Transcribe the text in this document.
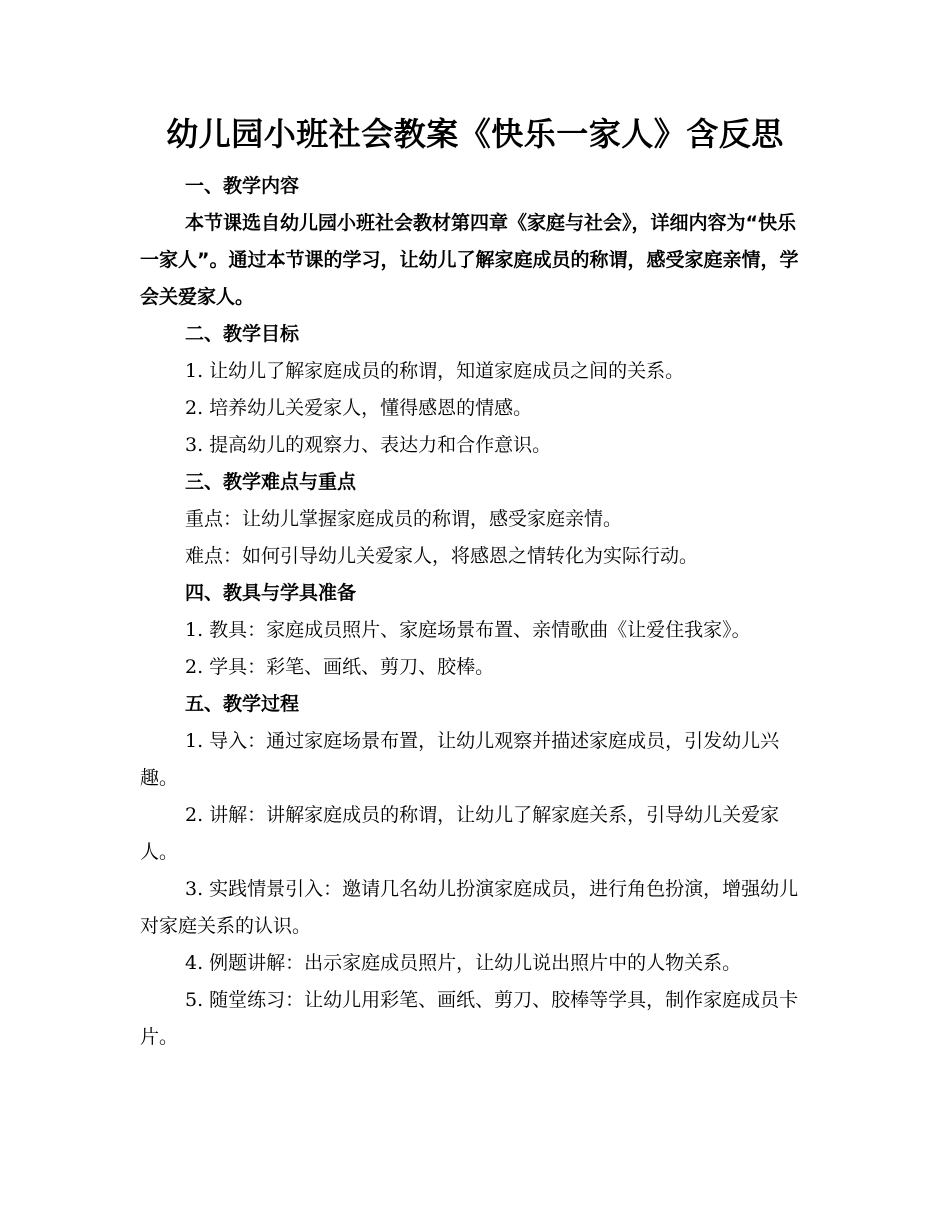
幼儿园小班社会教案《快乐一家人》含反思

一、教学内容

本节课选自幼儿园小班社会教材第四章《家庭与社会》，详细内容为“快乐一家人”。通过本节课的学习，让幼儿了解家庭成员的称谓，感受家庭亲情，学会关爱家人。

二、教学目标

1. 让幼儿了解家庭成员的称谓，知道家庭成员之间的关系。

2. 培养幼儿关爱家人，懂得感恩的情感。

3. 提高幼儿的观察力、表达力和合作意识。

三、教学难点与重点

重点：让幼儿掌握家庭成员的称谓，感受家庭亲情。

难点：如何引导幼儿关爱家人，将感恩之情转化为实际行动。

四、教具与学具准备

1. 教具：家庭成员照片、家庭场景布置、亲情歌曲《让爱住我家》。

2. 学具：彩笔、画纸、剪刀、胶棒。

五、教学过程

1. 导入：通过家庭场景布置，让幼儿观察并描述家庭成员，引发幼儿兴趣。

2. 讲解：讲解家庭成员的称谓，让幼儿了解家庭关系，引导幼儿关爱家人。

3. 实践情景引入：邀请几名幼儿扮演家庭成员，进行角色扮演，增强幼儿对家庭关系的认识。

4. 例题讲解：出示家庭成员照片，让幼儿说出照片中的人物关系。

5. 随堂练习：让幼儿用彩笔、画纸、剪刀、胶棒等学具，制作家庭成员卡片。
